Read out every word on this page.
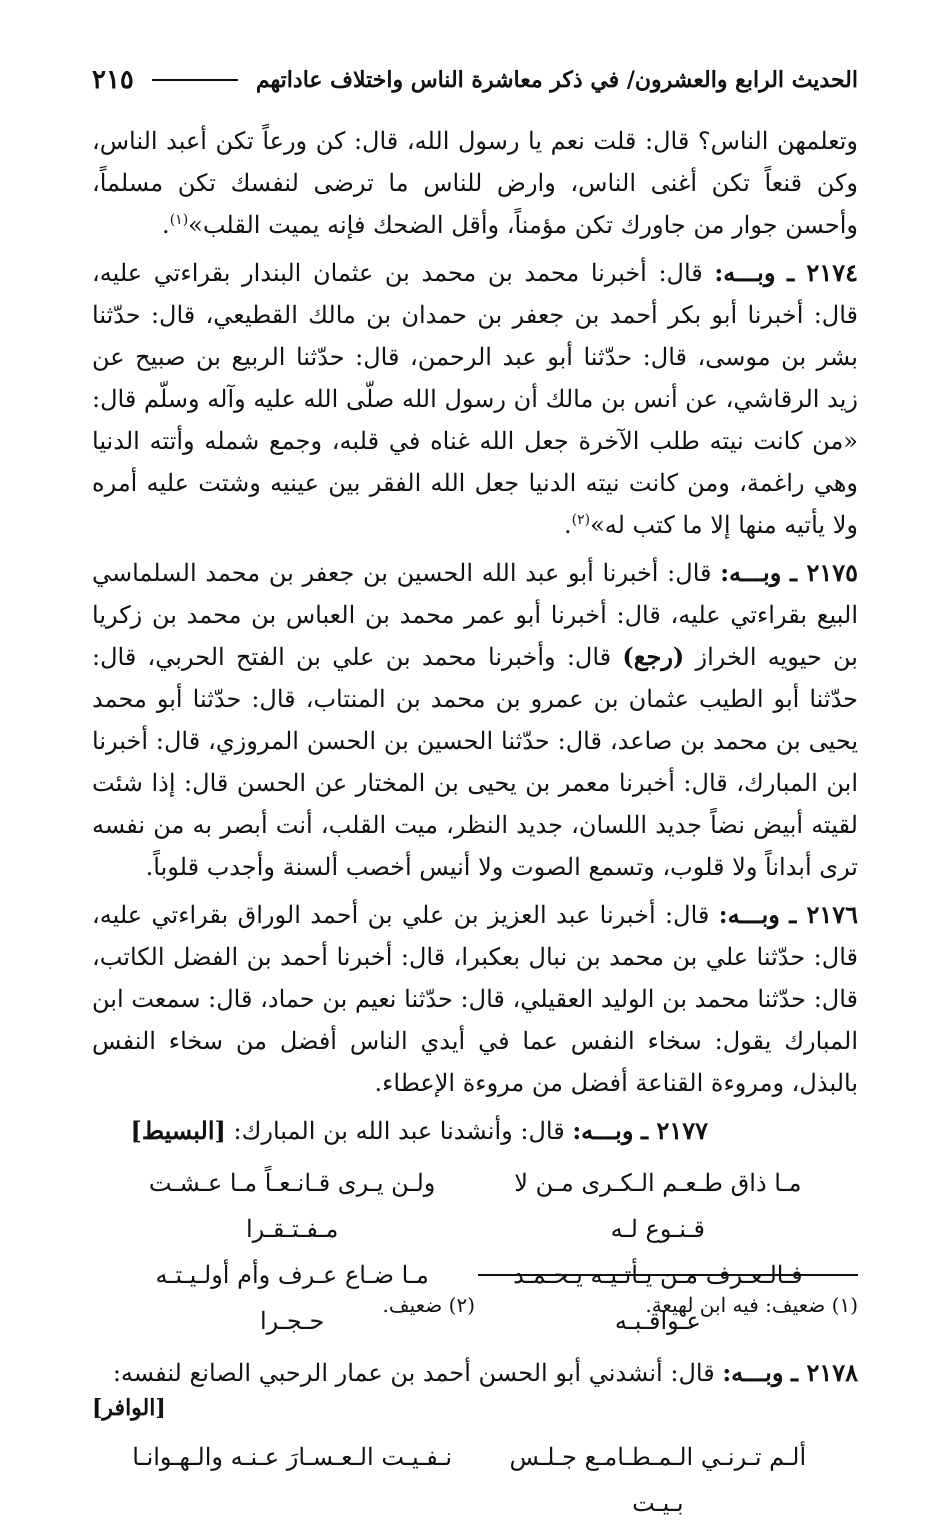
الحديث الرابع والعشرون/ في ذكر معاشرة الناس واختلاف عاداتهم
٢١٥

وتعلمهن الناس؟ قال: قلت نعم يا رسول الله، قال: كن ورعاً تكن أعبد الناس، وكن قنعاً تكن أغنى الناس، وارض للناس ما ترضى لنفسك تكن مسلماً، وأحسن جوار من جاورك تكن مؤمناً، وأقل الضحك فإنه يميت القلب»$^{(١)}$.

٢١٧٤ ـ وبـــه: قال: أخبرنا محمد بن محمد بن عثمان البندار بقراءتي عليه، قال: أخبرنا أبو بكر أحمد بن جعفر بن حمدان بن مالك القطيعي، قال: حدّثنا بشر بن موسى، قال: حدّثنا أبو عبد الرحمن، قال: حدّثنا الربيع بن صبيح عن زيد الرقاشي، عن أنس بن مالك أن رسول الله صلّى الله عليه وآله وسلّم قال: «من كانت نيته طلب الآخرة جعل الله غناه في قلبه، وجمع شمله وأتته الدنيا وهي راغمة، ومن كانت نيته الدنيا جعل الله الفقر بين عينيه وشتت عليه أمره ولا يأتيه منها إلا ما كتب له»$^{(٢)}$.

٢١٧٥ ـ وبـــه: قال: أخبرنا أبو عبد الله الحسين بن جعفر بن محمد السلماسي البيع بقراءتي عليه، قال: أخبرنا أبو عمر محمد بن العباس بن محمد بن زكريا بن حيويه الخراز (رجع) قال: وأخبرنا محمد بن علي بن الفتح الحربي، قال: حدّثنا أبو الطيب عثمان بن عمرو بن محمد بن المنتاب، قال: حدّثنا أبو محمد يحيى بن محمد بن صاعد، قال: حدّثنا الحسين بن الحسن المروزي، قال: أخبرنا ابن المبارك، قال: أخبرنا معمر بن يحيى بن المختار عن الحسن قال: إذا شئت لقيته أبيض نضاً جديد اللسان، جديد النظر، ميت القلب، أنت أبصر به من نفسه ترى أبداناً ولا قلوب، وتسمع الصوت ولا أنيس أخصب ألسنة وأجدب قلوباً.

٢١٧٦ ـ وبـــه: قال: أخبرنا عبد العزيز بن علي بن أحمد الوراق بقراءتي عليه، قال: حدّثنا علي بن محمد بن نبال بعكبرا، قال: أخبرنا أحمد بن الفضل الكاتب، قال: حدّثنا محمد بن الوليد العقيلي، قال: حدّثنا نعيم بن حماد، قال: سمعت ابن المبارك يقول: سخاء النفس عما في أيدي الناس أفضل من سخاء النفس بالبذل، ومروءة القناعة أفضل من مروءة الإعطاء.

٢١٧٧ ـ وبـــه: قال: وأنشدنا عبد الله بن المبارك: [البسيط]

مـا ذاق طـعـم الـكـرى مـن لا قـنـوع لـه
ولـن يـرى قـانـعـاً مـا عـشـت مـفـتـقـرا
فـالـعـرف مـن يـأتـيـه يـحـمـد عـواقـبـه
مـا ضـاع عـرف وأم أولـيـتـه حـجـرا

٢١٧٨ ـ وبـــه: قال: أنشدني أبو الحسن أحمد بن عمار الرحبي الصانع لنفسه:

[الوافر]
ألـم تـرنـي الـمـطـامـع جـلـس بـيـت
نـفـيـت الـعـسـارَ عـنـه والـهـوانـا
(١) ضعيف: فيه ابن لهيعة.
(٢) ضعيف.
